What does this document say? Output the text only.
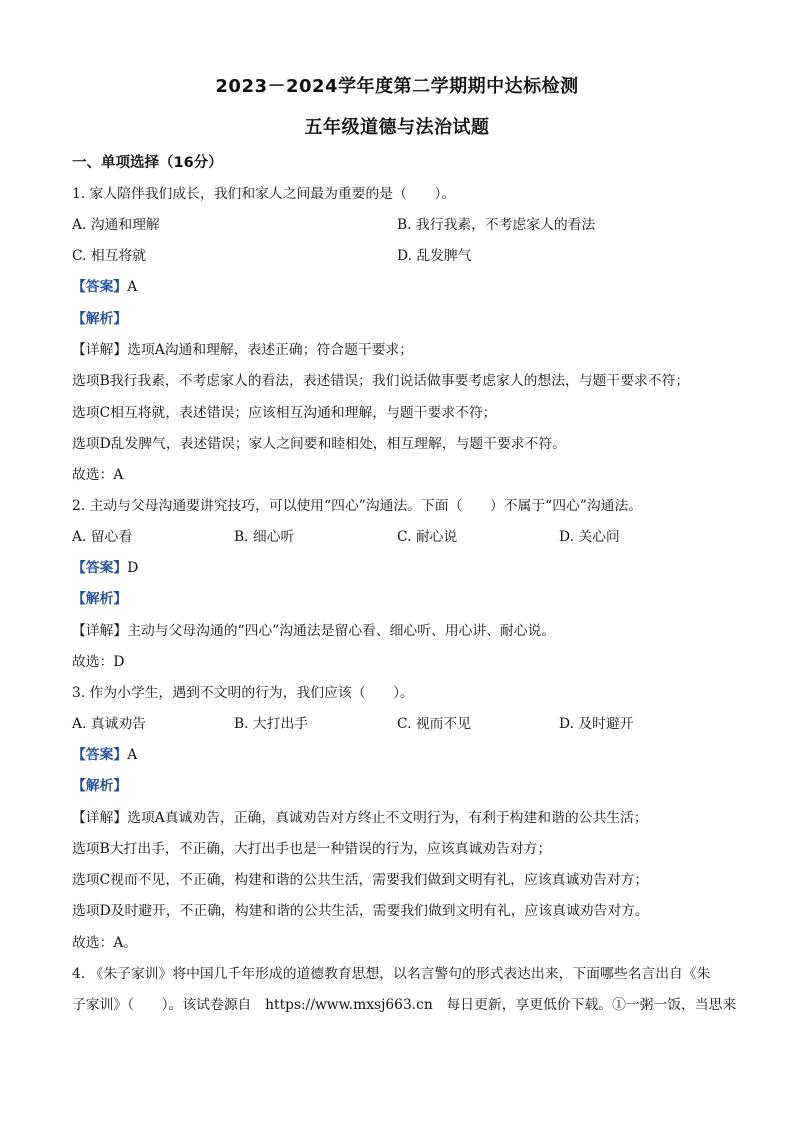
2023－2024学年度第二学期期中达标检测
五年级道德与法治试题
一、单项选择（16分）
1. 家人陪伴我们成长，我们和家人之间最为重要的是（　　）。
A. 沟通和理解	B. 我行我素，不考虑家人的看法
C. 相互将就	D. 乱发脾气
【答案】A
【解析】
【详解】选项A沟通和理解，表述正确；符合题干要求；
选项B我行我素，不考虑家人的看法，表述错误；我们说话做事要考虑家人的想法，与题干要求不符；
选项C相互将就，表述错误；应该相互沟通和理解，与题干要求不符；
选项D乱发脾气，表述错误；家人之间要和睦相处，相互理解，与题干要求不符。
故选：A
2. 主动与父母沟通要讲究技巧，可以使用“四心”沟通法。下面（　　）不属于“四心”沟通法。
A. 留心看	B. 细心听	C. 耐心说	D. 关心问
【答案】D
【解析】
【详解】主动与父母沟通的“四心”沟通法是留心看、细心听、用心讲、耐心说。
故选：D
3. 作为小学生，遇到不文明的行为，我们应该（　　）。
A. 真诚劝告	B. 大打出手	C. 视而不见	D. 及时避开
【答案】A
【解析】
【详解】选项A真诚劝告，正确，真诚劝告对方终止不文明行为，有利于构建和谐的公共生活；
选项B大打出手，不正确，大打出手也是一种错误的行为，应该真诚劝告对方；
选项C视而不见，不正确，构建和谐的公共生活，需要我们做到文明有礼，应该真诚劝告对方；
选项D及时避开，不正确，构建和谐的公共生活，需要我们做到文明有礼，应该真诚劝告对方。
故选：A。
4. 《朱子家训》将中国几千年形成的道德教育思想，以名言警句的形式表达出来，下面哪些名言出自《朱
子家训》（　　）。该试卷源自　https://www.mxsj663.cn　每日更新，享更低价下载。①一粥一饭，当思来
